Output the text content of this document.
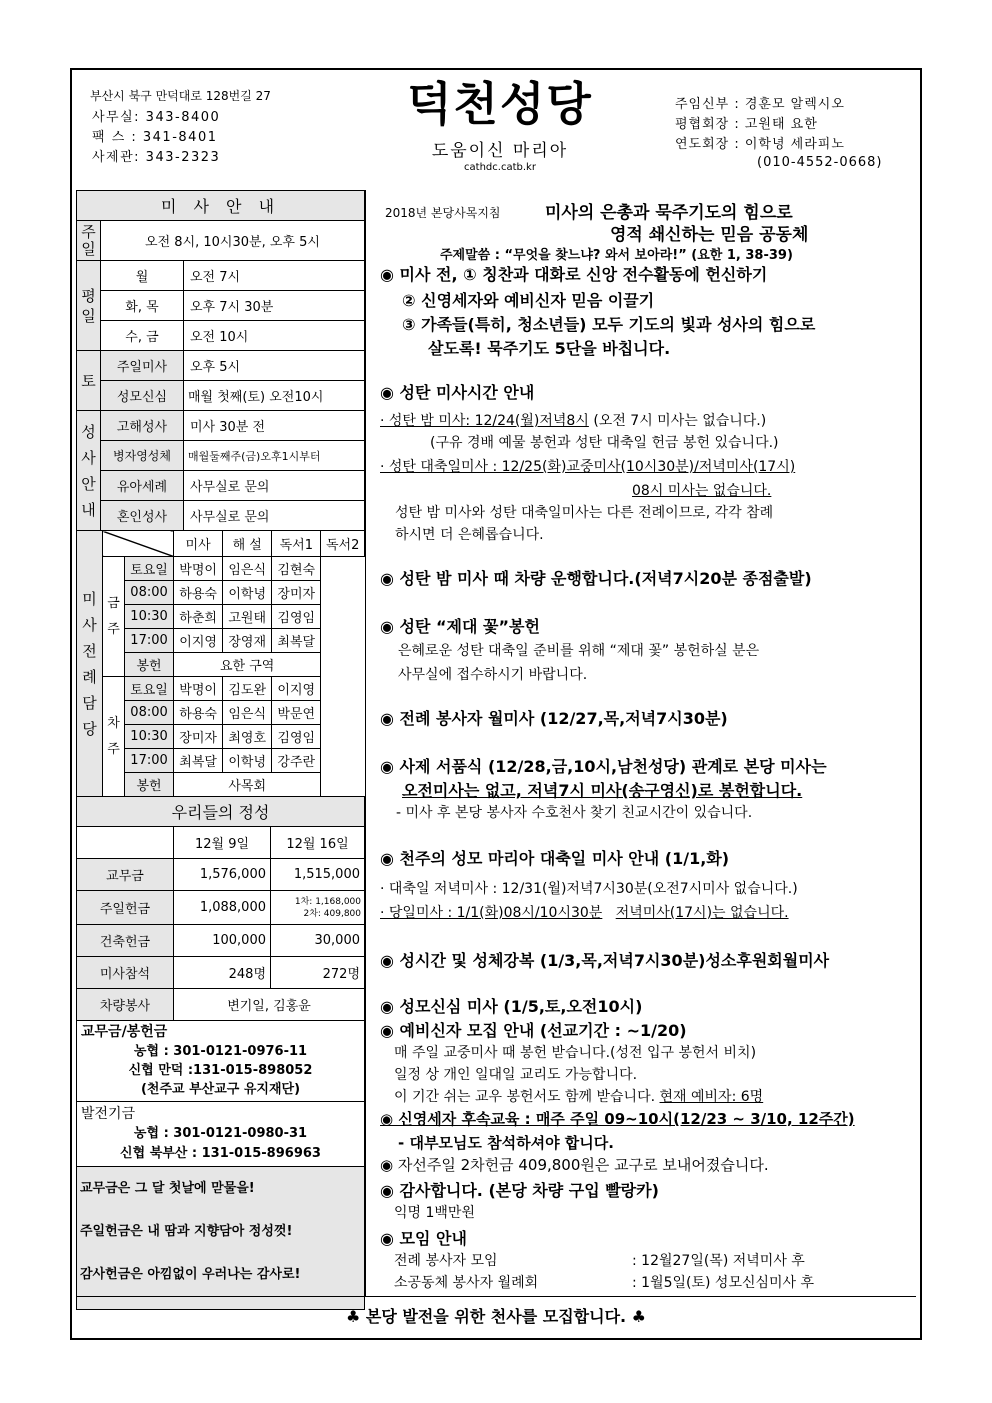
부산시 북구 만덕대로 128번길 27
사무실: 343-8400
팩 스 : 341-8401
사제관: 343-2323
덕천성당
도움이신 마리아
cathdc.catb.kr
주임신부 : 경훈모 알렉시오
평협회장 : 고원태 요한
연도회장 : 이학녕 세라피노
(010-4552-0668)
미 사 안 내		
주일	오전 8시, 10시30분, 오후 5시	
평일	월	오전 7시
	화, 목	오후 7시 30분
	수, 금	오전 10시
토	주일미사	오후 5시
	성모신심	매월 첫째(토) 오전10시
성사안내	고해성사	미사 30분 전
	병자영성체	매월둘째주(금)오후1시부터
	유아세례	사무실로 문의
	혼인성사	사무실로 문의
미사전례담당			미사	해 설	독서1	독서2
	금주	토요일	박명이	임은식	김현숙	
		08:00	하용숙	이학녕	장미자	
		10:30	하춘희	고원태	김영임	
		17:00	이지영	장영재	최복달	
		봉헌	요한 구역			
	차주	토요일	박명이	김도완	이지영	
		08:00	하용숙	임은식	박문연	
		10:30	장미자	최영호	김영임	
		17:00	최복달	이학녕	강주란	
		봉헌	사목회			
우리들의 정성		
	12월 9일	12월 16일
교무금	1,576,000	1,515,000
주일헌금	1,088,000	1차: 1,168,000
2차: 409,800

건축헌금	100,000	30,000
미사참석	248명	272명
차량봉사	변기일, 김홍윤	
교무금/봉헌금
농협 : 301-0121-0976-11
신협 만덕 :131-015-898052
(천주교 부산교구 유지재단)
발전기금
농협 : 301-0121-0980-31
신협 북부산 : 131-015-896963
교무금은 그 달 첫날에 맏물을!
주일헌금은 내 땀과 지향담아 정성껏!
감사헌금은 아낌없이 우러나는 감사로!
2018년 본당사목지침	미사의 은총과 묵주기도의 힘으로
영적 쇄신하는 믿음 공동체
주제말씀 : “무엇을 찾느냐? 와서 보아라!” (요한 1, 38-39)
◉ 미사 전, ① 칭찬과 대화로 신앙 전수활동에 헌신하기
② 신영세자와 예비신자 믿음 이끌기
③ 가족들(특히, 청소년들) 모두 기도의 빛과 성사의 힘으로
살도록! 묵주기도 5단을 바칩니다.
◉ 성탄 미사시간 안내
· 성탄 밤 미사: 12/24(월)저녁8시 (오전 7시 미사는 없습니다.)
(구유 경배 예물 봉헌과 성탄 대축일 헌금 봉헌 있습니다.)
· 성탄 대축일미사 : 12/25(화)교중미사(10시30분)/저녁미사(17시)
08시 미사는 없습니다.
성탄 밤 미사와 성탄 대축일미사는 다른 전례이므로, 각각 참례
하시면 더 은혜롭습니다.
◉ 성탄 밤 미사 때 차량 운행합니다.(저녁7시20분 종점출발)
◉ 성탄 “제대 꽃”봉헌
은혜로운 성탄 대축일 준비를 위해 “제대 꽃” 봉헌하실 분은
사무실에 접수하시기 바랍니다.
◉ 전례 봉사자 월미사 (12/27,목,저녁7시30분)
◉ 사제 서품식 (12/28,금,10시,남천성당) 관계로 본당 미사는
오전미사는 없고, 저녁7시 미사(송구영신)로 봉헌합니다.
- 미사 후 본당 봉사자 수호천사 찾기 친교시간이 있습니다.
◉ 천주의 성모 마리아 대축일 미사 안내 (1/1,화)
· 대축일 저녁미사 : 12/31(월)저녁7시30분(오전7시미사 없습니다.)
· 당일미사 : 1/1(화)08시/10시30분 저녁미사(17시)는 없습니다.
◉ 성시간 및 성체강복 (1/3,목,저녁7시30분)성소후원회월미사
◉ 성모신심 미사 (1/5,토,오전10시)
◉ 예비신자 모집 안내 (선교기간 : ~1/20)
매 주일 교중미사 때 봉헌 받습니다.(성전 입구 봉헌서 비치)
일정 상 개인 일대일 교리도 가능합니다.
이 기간 쉬는 교우 봉헌서도 함께 받습니다. 현재 예비자: 6명
◉ 신영세자 후속교육 : 매주 주일 09~10시(12/23 ~ 3/10, 12주간)
- 대부모님도 참석하셔야 합니다.
◉ 자선주일 2차헌금 409,800원은 교구로 보내어졌습니다.
◉ 감사합니다. (본당 차량 구입 빨랑카)
익명 1백만원
◉ 모임 안내
전례 봉사자 모임	: 12월27일(목) 저녁미사 후
소공동체 봉사자 월례회	: 1월5일(토) 성모신심미사 후
♣ 본당 발전을 위한 천사를 모집합니다. ♣
